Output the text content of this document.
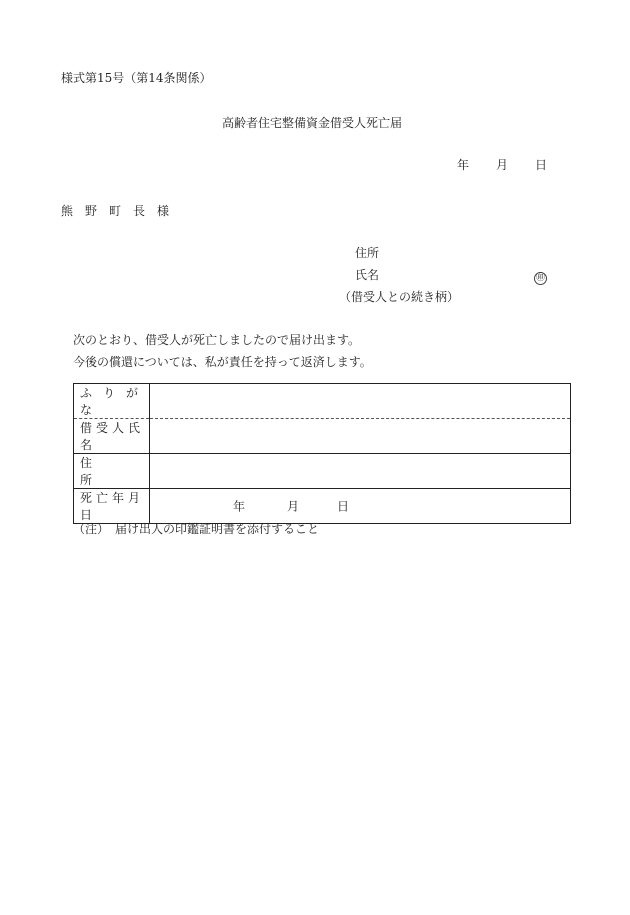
様式第15号（第14条関係）
高齢者住宅整備資金借受人死亡届
年 月 日
熊　野　町　長　様
住所
氏名	㊞
（借受人との続き柄）
次のとおり、借受人が死亡しましたので届け出ます。
今後の償還については、私が責任を持って返済します。
ふりがな	
借受人氏名	
住所	
死亡年月日	年 月 日
（注）　届け出人の印鑑証明書を添付すること
